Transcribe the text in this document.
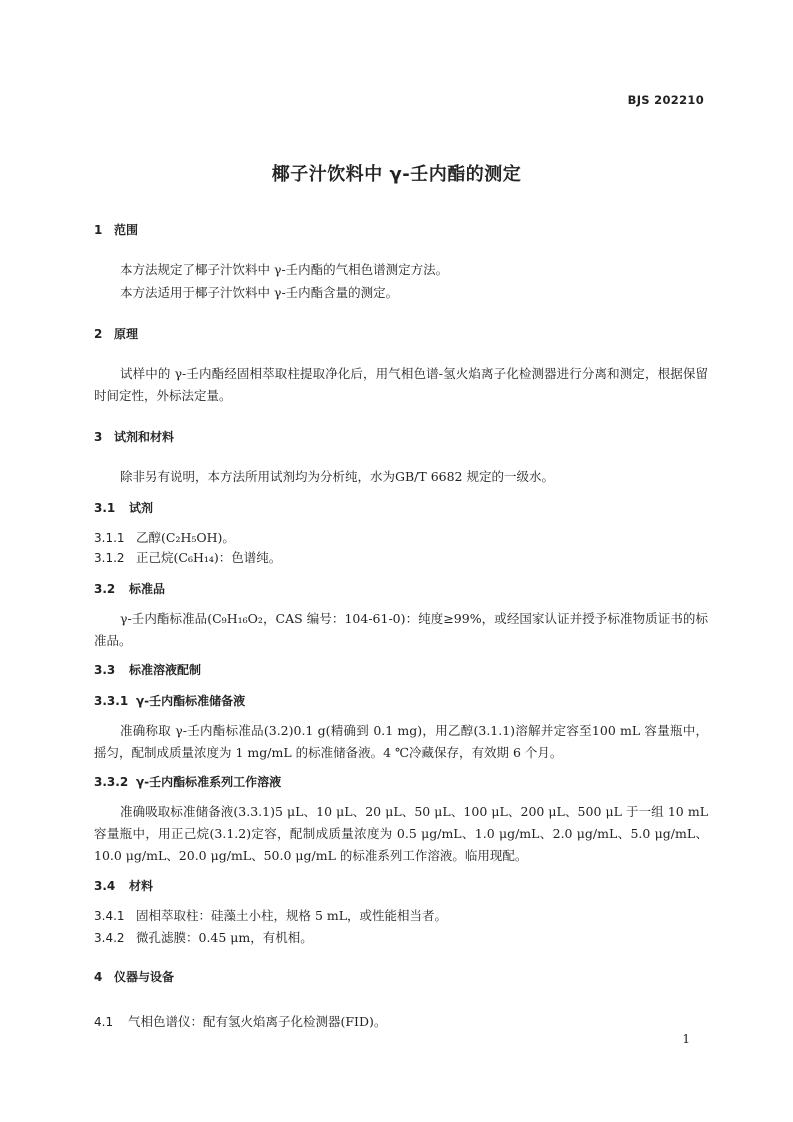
BJS 202210
椰子汁饮料中 γ-壬内酯的测定
1 范围
本方法规定了椰子汁饮料中 γ-壬内酯的气相色谱测定方法。
本方法适用于椰子汁饮料中 γ-壬内酯含量的测定。
2 原理
试样中的 γ-壬内酯经固相萃取柱提取净化后，用气相色谱-氢火焰离子化检测器进行分离和测定，根据保留时间定性，外标法定量。
3 试剂和材料
除非另有说明，本方法所用试剂均为分析纯，水为GB/T 6682 规定的一级水。
3.1 试剂
3.1.1 乙醇(C₂H₅OH)。
3.1.2 正己烷(C₆H₁₄)：色谱纯。
3.2 标准品
γ-壬内酯标准品(C₉H₁₆O₂，CAS 编号：104-61-0)：纯度≥99%，或经国家认证并授予标准物质证书的标准品。
3.3 标准溶液配制
3.3.1 γ-壬内酯标准储备液
准确称取 γ-壬内酯标准品(3.2)0.1 g(精确到 0.1 mg)，用乙醇(3.1.1)溶解并定容至100 mL 容量瓶中，摇匀，配制成质量浓度为 1 mg/mL 的标准储备液。4 ℃冷藏保存，有效期 6 个月。
3.3.2 γ-壬内酯标准系列工作溶液
准确吸取标准储备液(3.3.1)5 μL、10 μL、20 μL、50 μL、100 μL、200 μL、500 μL 于一组 10 mL 容量瓶中，用正己烷(3.1.2)定容，配制成质量浓度为 0.5 μg/mL、1.0 μg/mL、2.0 μg/mL、5.0 μg/mL、10.0 μg/mL、20.0 μg/mL、50.0 μg/mL 的标准系列工作溶液。临用现配。
3.4 材料
3.4.1 固相萃取柱：硅藻土小柱，规格 5 mL，或性能相当者。
3.4.2 微孔滤膜：0.45 μm，有机相。
4 仪器与设备
4.1 气相色谱仪：配有氢火焰离子化检测器(FID)。
1
